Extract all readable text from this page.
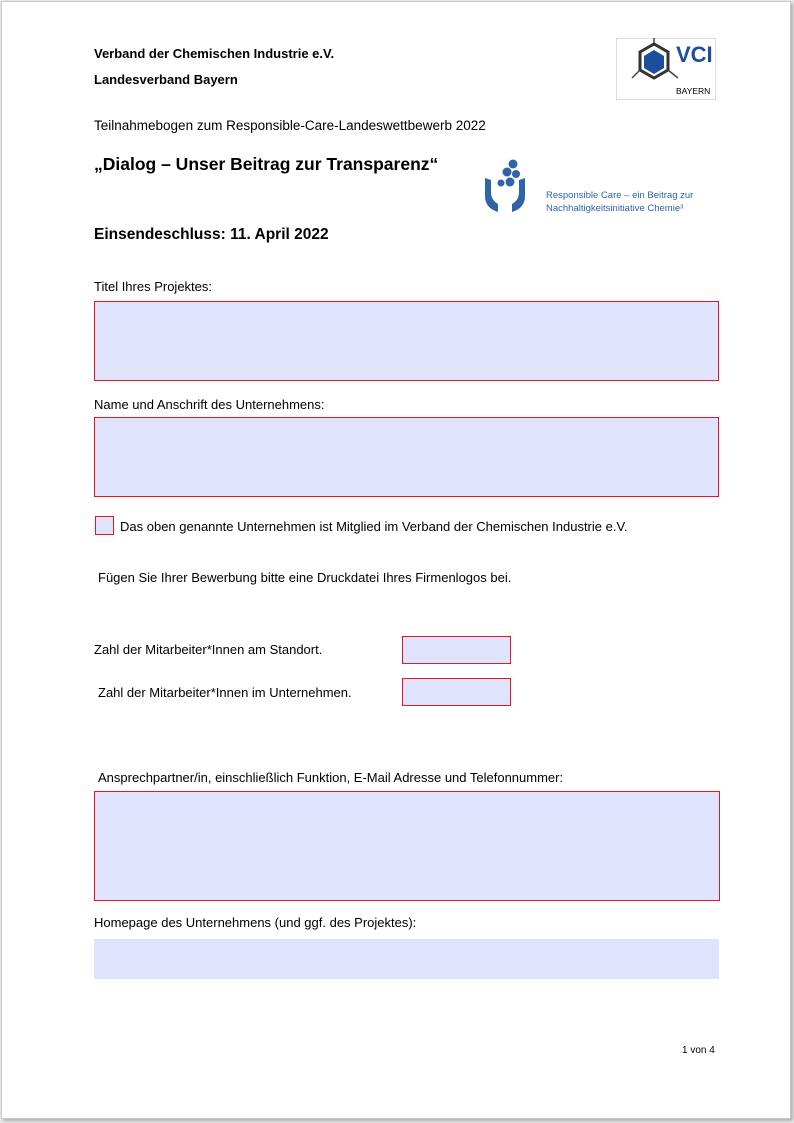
Verband der Chemischen Industrie e.V.
Landesverband Bayern
VCI
BAYERN
Teilnahmebogen zum Responsible-Care-Landeswettbewerb 2022
„Dialog – Unser Beitrag zur Transparenz“
Responsible Care – ein Beitrag zur
Nachhaltigkeitsinitiative Chemie³
Einsendeschluss: 11. April 2022
Titel Ihres Projektes:
Name und Anschrift des Unternehmens:
Das oben genannte Unternehmen ist Mitglied im Verband der Chemischen Industrie e.V.
Fügen Sie Ihrer Bewerbung bitte eine Druckdatei Ihres Firmenlogos bei.
Zahl der Mitarbeiter*Innen am Standort.
Zahl der Mitarbeiter*Innen im Unternehmen.
Ansprechpartner/in, einschließlich Funktion, E-Mail Adresse und Telefonnummer:
Homepage des Unternehmens (und ggf. des Projektes):
1 von 4
